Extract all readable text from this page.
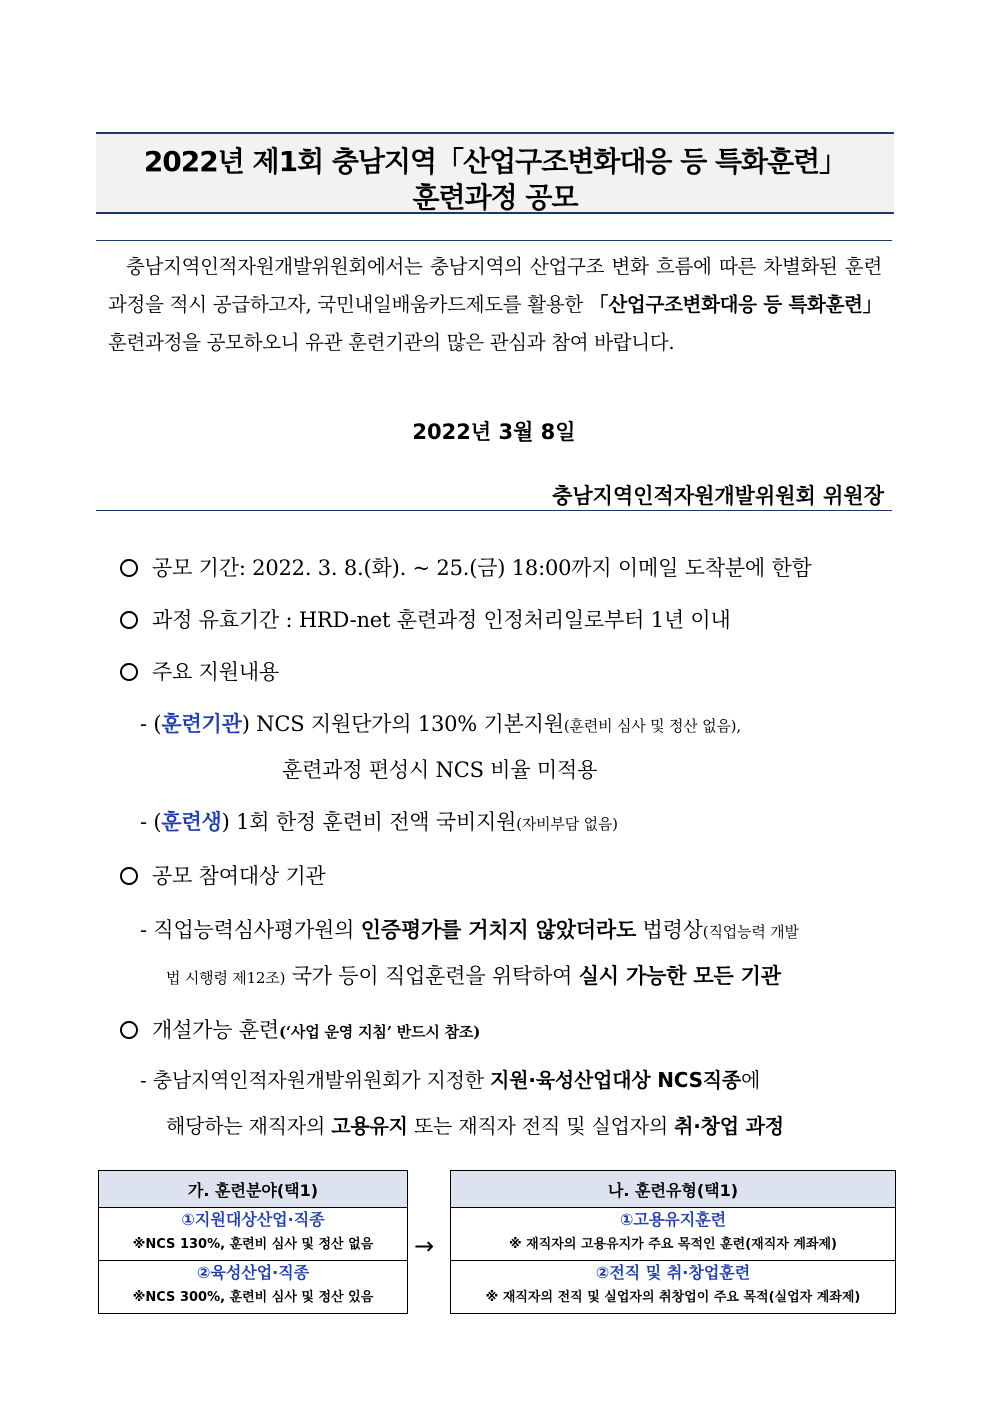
2022년 제1회 충남지역「산업구조변화대응 등 특화훈련」
훈련과정 공모
충남지역인적자원개발위원회에서는 충남지역의 산업구조 변화 흐름에 따른 차별화된 훈련과정을 적시 공급하고자, 국민내일배움카드제도를 활용한 「산업구조변화대응 등 특화훈련」훈련과정을 공모하오니 유관 훈련기관의 많은 관심과 참여 바랍니다.
2022년 3월 8일
충남지역인적자원개발위원회 위원장
공모 기간: 2022. 3. 8.(화). ~ 25.(금) 18:00까지 이메일 도착분에 한함
과정 유효기간 : HRD-net 훈련과정 인정처리일로부터 1년 이내
주요 지원내용
- (훈련기관) NCS 지원단가의 130% 기본지원(훈련비 심사 및 정산 없음),
훈련과정 편성시 NCS 비율 미적용
- (훈련생) 1회 한정 훈련비 전액 국비지원(자비부담 없음)
공모 참여대상 기관
- 직업능력심사평가원의 인증평가를 거치지 않았더라도 법령상(직업능력 개발
법 시행령 제12조) 국가 등이 직업훈련을 위탁하여 실시 가능한 모든 기관
개설가능 훈련(‘사업 운영 지침’ 반드시 참조)
- 충남지역인적자원개발위원회가 지정한 지원·육성산업대상 NCS직종에
해당하는 재직자의 고용유지 또는 재직자 전직 및 실업자의 취·창업 과정
가. 훈련분야(택1)

①지원대상산업·직종
※NCS 130%, 훈련비 심사 및 정산 없음

②육성산업·직종
※NCS 300%, 훈련비 심사 및 정산 있음
→
나. 훈련유형(택1)

①고용유지훈련
※ 재직자의 고용유지가 주요 목적인 훈련(재직자 계좌제)

②전직 및 취·창업훈련
※ 재직자의 전직 및 실업자의 취창업이 주요 목적(실업자 계좌제)
